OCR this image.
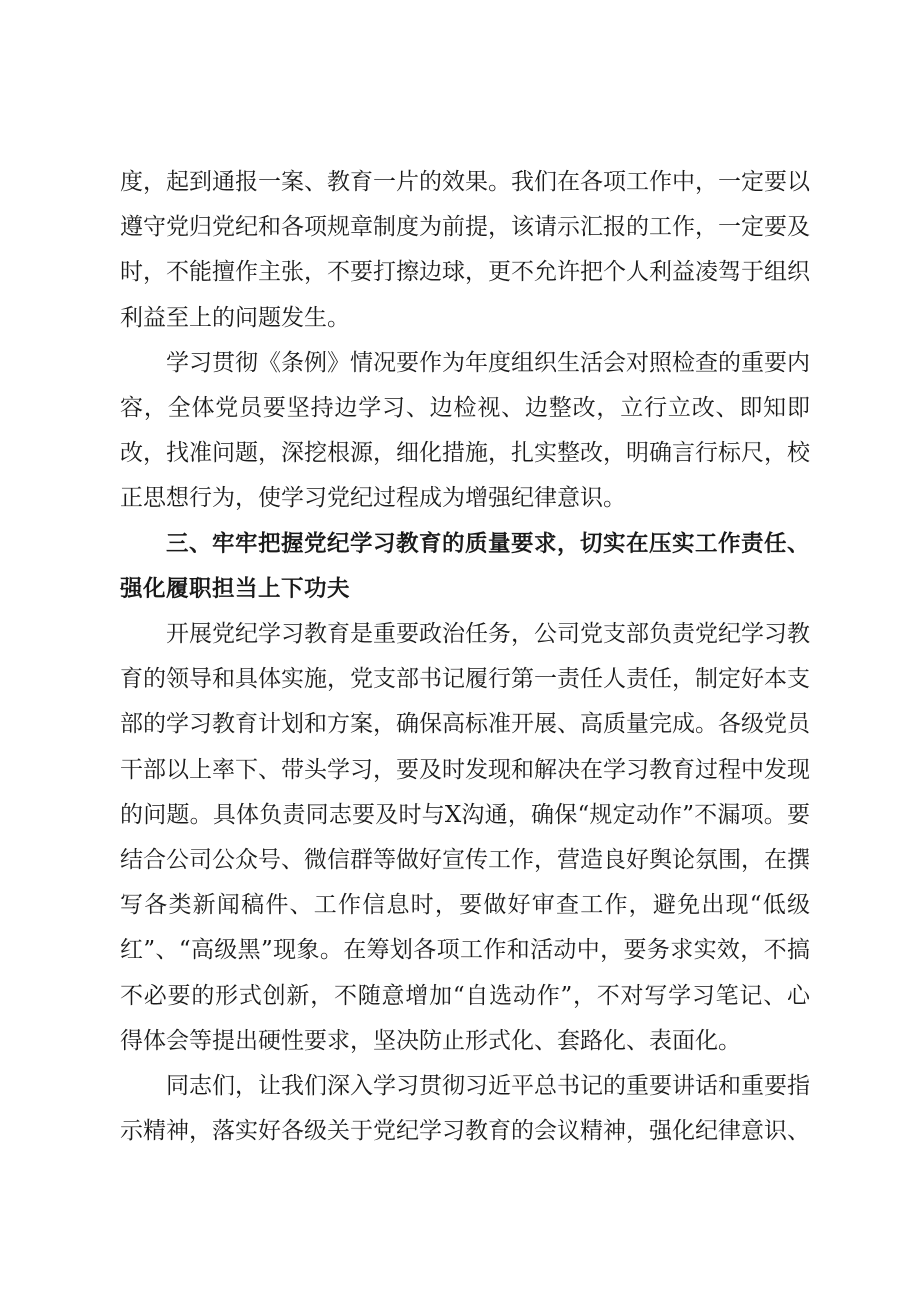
度，起到通报一案、教育一片的效果。我们在各项工作中，一定要以遵守党归党纪和各项规章制度为前提，该请示汇报的工作，一定要及时，不能擅作主张，不要打擦边球，更不允许把个人利益凌驾于组织利益至上的问题发生。

学习贯彻《条例》情况要作为年度组织生活会对照检查的重要内容，全体党员要坚持边学习、边检视、边整改，立行立改、即知即改，找准问题，深挖根源，细化措施，扎实整改，明确言行标尺，校正思想行为，使学习党纪过程成为增强纪律意识。

三、牢牢把握党纪学习教育的质量要求，切实在压实工作责任、强化履职担当上下功夫

开展党纪学习教育是重要政治任务，公司党支部负责党纪学习教育的领导和具体实施，党支部书记履行第一责任人责任，制定好本支部的学习教育计划和方案，确保高标准开展、高质量完成。各级党员干部以上率下、带头学习，要及时发现和解决在学习教育过程中发现的问题。具体负责同志要及时与X沟通，确保“规定动作”不漏项。要结合公司公众号、微信群等做好宣传工作，营造良好舆论氛围，在撰写各类新闻稿件、工作信息时，要做好审查工作，避免出现“低级红”、“高级黑”现象。在筹划各项工作和活动中，要务求实效，不搞不必要的形式创新，不随意增加“自选动作”，不对写学习笔记、心得体会等提出硬性要求，坚决防止形式化、套路化、表面化。

同志们，让我们深入学习贯彻习近平总书记的重要讲话和重要指示精神，落实好各级关于党纪学习教育的会议精神，强化纪律意识、
